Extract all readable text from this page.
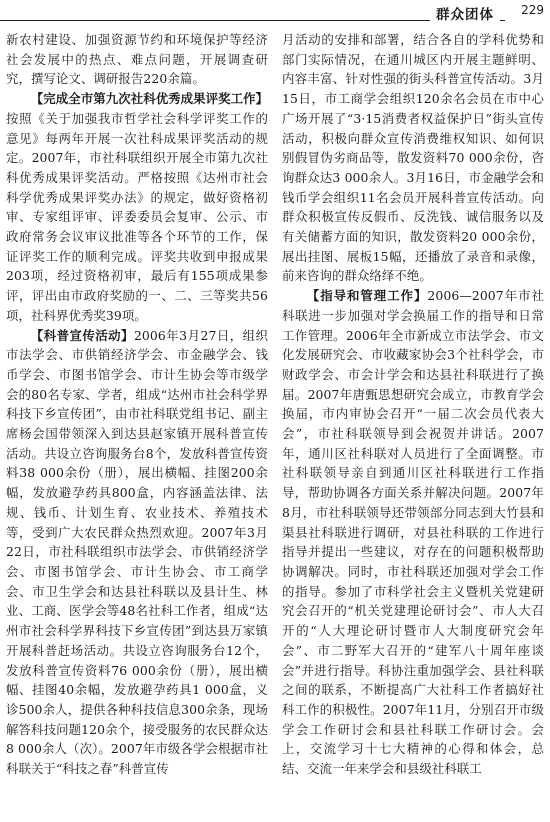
群众团体	229

新农村建设、加强资源节约和环境保护等经济社会发展中的热点、难点问题，开展调查研究，撰写论文、调研报告220余篇。

【完成全市第九次社科优秀成果评奖工作】按照《关于加强我市哲学社会科学评奖工作的意见》每两年开展一次社科成果评奖活动的规定。2007年，市社科联组织开展全市第九次社科优秀成果评奖活动。严格按照《达州市社会科学优秀成果评奖办法》的规定，做好资格初审、专家组评审、评委委员会复审、公示、市政府常务会议审议批准等各个环节的工作，保证评奖工作的顺利完成。评奖共收到申报成果203项，经过资格初审，最后有155项成果参评，评出由市政府奖励的一、二、三等奖共56项，社科界优秀奖39项。

【科普宣传活动】2006年3月27日，组织市法学会、市供销经济学会、市金融学会、钱币学会、市图书馆学会、市计生协会等市级学会的80名专家、学者，组成“达州市社会科学界科技下乡宣传团”，由市社科联党组书记、副主席杨会国带领深入到达县赵家镇开展科普宣传活动。共设立咨询服务台8个，发放科普宣传资料38 000余份（册），展出横幅、挂图200余幅，发放避孕药具800盒，内容涵盖法律、法规、钱币、计划生育、农业技术、养殖技术等，受到广大农民群众热烈欢迎。2007年3月22日，市社科联组织市法学会、市供销经济学会、市图书馆学会、市计生协会、市工商学会、市卫生学会和达县社科联以及县计生、林业、工商、医学会等48名社科工作者，组成“达州市社会科学界科技下乡宣传团”到达县万家镇开展科普赶场活动。共设立咨询服务台12个，发放科普宣传资料76 000余份（册），展出横幅、挂图40余幅，发放避孕药具1 000盒，义诊500余人，提供各种科技信息300余条，现场解答科技问题120余个，接受服务的农民群众达8 000余人（次）。2007年市级各学会根据市社科联关于“科技之春”科普宣传

月活动的安排和部署，结合各自的学科优势和部门实际情况，在通川城区内开展主题鲜明、内容丰富、针对性强的街头科普宣传活动。3月15日，市工商学会组织120余名会员在市中心广场开展了“3·15消费者权益保护日”街头宣传活动，积极向群众宣传消费维权知识、如何识别假冒伪劣商品等，散发资料70 000余份，咨询群众达3 000余人。3月16日，市金融学会和钱币学会组织11名会员开展科普宣传活动。向群众积极宣传反假币、反洗钱、诚信服务以及有关储蓄方面的知识，散发资料20 000余份，展出挂图、展板15幅，还播放了录音和录像，前来咨询的群众络绎不绝。

【指导和管理工作】2006—2007年市社科联进一步加强对学会换届工作的指导和日常工作管理。2006年全市新成立市法学会、市文化发展研究会、市收藏家协会3个社科学会，市财政学会、市会计学会和达县社科联进行了换届。2007年唐甄思想研究会成立，市教育学会换届，市内审协会召开“一届二次会员代表大会”，市社科联领导到会祝贺并讲话。2007年，通川区社科联对人员进行了全面调整。市社科联领导亲自到通川区社科联进行工作指导，帮助协调各方面关系并解决问题。2007年8月，市社科联领导还带领部分同志到大竹县和渠县社科联进行调研，对县社科联的工作进行指导并提出一些建议，对存在的问题积极帮助协调解决。同时，市社科联还加强对学会工作的指导。参加了市科学社会主义暨机关党建研究会召开的“机关党建理论研讨会”、市人大召开的“人大理论研讨暨市人大制度研究会年会”、市二野军大召开的“建军八十周年座谈会”并进行指导。科协注重加强学会、县社科联之间的联系，不断提高广大社科工作者搞好社科工作的积极性。2007年11月，分别召开市级学会工作研讨会和县社科联工作研讨会。会上，交流学习十七大精神的心得和体会，总结、交流一年来学会和县级社科联工
